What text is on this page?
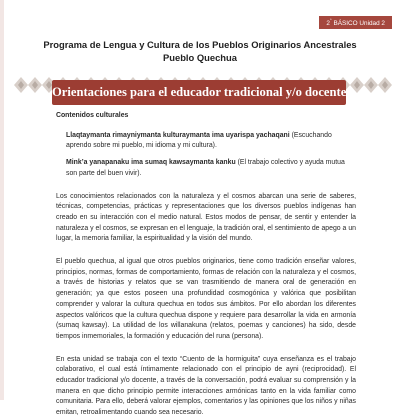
2° BÁSICO Unidad 2
Programa de Lengua y Cultura de los Pueblos Originarios Ancestrales
Pueblo Quechua
Orientaciones para el educador tradicional y/o docente
Contenidos culturales
Llaqtaymanta rimayniymanta kulturaymanta ima uyarispa yachaqani (Escuchando aprendo sobre mi pueblo, mi idioma y mi cultura).
Mink’a yanapanaku ima sumaq kawsaymanta kanku (El trabajo colectivo y ayuda mutua son parte del buen vivir).

Los conocimientos relacionados con la naturaleza y el cosmos abarcan una serie de saberes, técnicas, competencias, prácticas y representaciones que los diversos pueblos indígenas han creado en su interacción con el medio natural. Estos modos de pensar, de sentir y entender la naturaleza y el cosmos, se expresan en el lenguaje, la tradición oral, el sentimiento de apego a un lugar, la memoria familiar, la espiritualidad y la visión del mundo.

El pueblo quechua, al igual que otros pueblos originarios, tiene como tradición enseñar valores, principios, normas, formas de comportamiento, formas de relación con la naturaleza y el cosmos, a través de historias y relatos que se van trasmitiendo de manera oral de generación en generación; ya que estos poseen una profundidad cosmogónica y valórica que posibilitan comprender y valorar la cultura quechua en todos sus ámbitos. Por ello abordan los diferentes aspectos valóricos que la cultura quechua dispone y requiere para desarrollar la vida en armonía (sumaq kawsay). La utilidad de los willanakuna (relatos, poemas y canciones) ha sido, desde tiempos inmemoriales, la formación y educación del runa (persona).

En esta unidad se trabaja con el texto “Cuento de la hormiguita” cuya enseñanza es el trabajo colaborativo, el cual está íntimamente relacionado con el principio de ayni (reciprocidad). El educador tradicional y/o docente, a través de la conversación, podrá evaluar su comprensión y la manera en que dicho principio permite interacciones armónicas tanto en la vida familiar como comunitaria. Para ello, deberá valorar ejemplos, comentarios y las opiniones que los niños y niñas emitan, retroalimentando cuando sea necesario.
